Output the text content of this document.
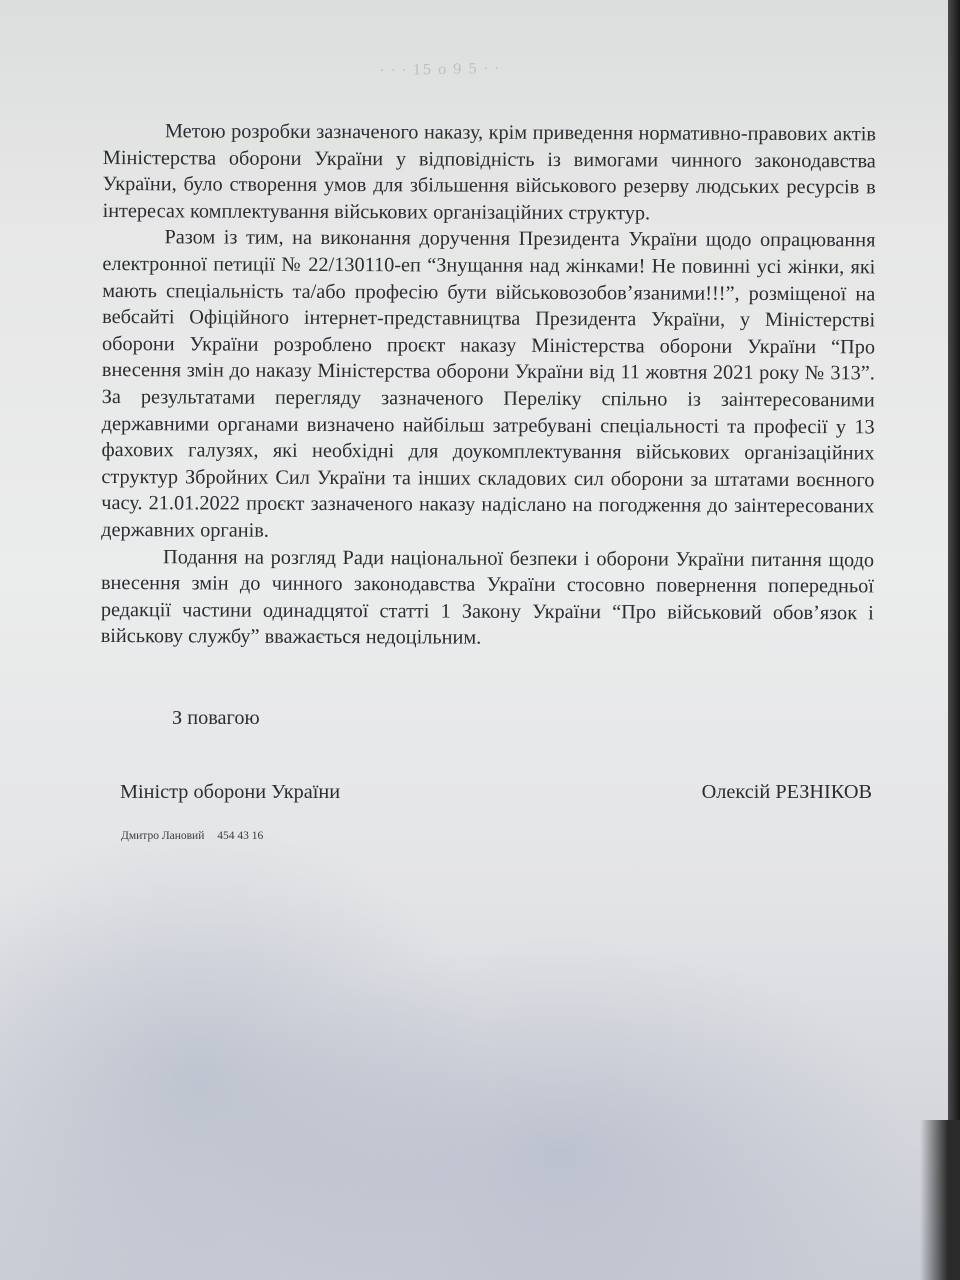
· · · 15 о 9 5 · ·

Метою розробки зазначеного наказу, крім приведення нормативно-правових актів Міністерства оборони України у відповідність із вимогами чинного законодавства України, було створення умов для збільшення військового резерву людських ресурсів в інтересах комплектування військових організаційних структур.

Разом із тим, на виконання доручення Президента України щодо опрацювання електронної петиції № 22/130110-еп “Знущання над жінками! Не повинні усі жінки, які мають спеціальність та/або професію бути військовозобов’язаними!!!”, розміщеної на вебсайті Офіційного інтернет-представництва Президента України, у Міністерстві оборони України розроблено проєкт наказу Міністерства оборони України “Про внесення змін до наказу Міністерства оборони України від 11 жовтня 2021 року № 313”. За результатами перегляду зазначеного Переліку спільно із заінтересованими державними органами визначено найбільш затребувані спеціальності та професії у 13 фахових галузях, які необхідні для доукомплектування військових організаційних структур Збройних Сил України та інших складових сил оборони за штатами воєнного часу. 21.01.2022 проєкт зазначеного наказу надіслано на погодження до заінтересованих державних органів.

Подання на розгляд Ради національної безпеки і оборони України питання щодо внесення змін до чинного законодавства України стосовно повернення попередньої редакції частини одинадцятої статті 1 Закону України “Про військовий обов’язок і військову службу” вважається недоцільним.

З повагою
Міністр оборони України	Олексій РЕЗНІКОВ
Дмитро Лановий 454 43 16
